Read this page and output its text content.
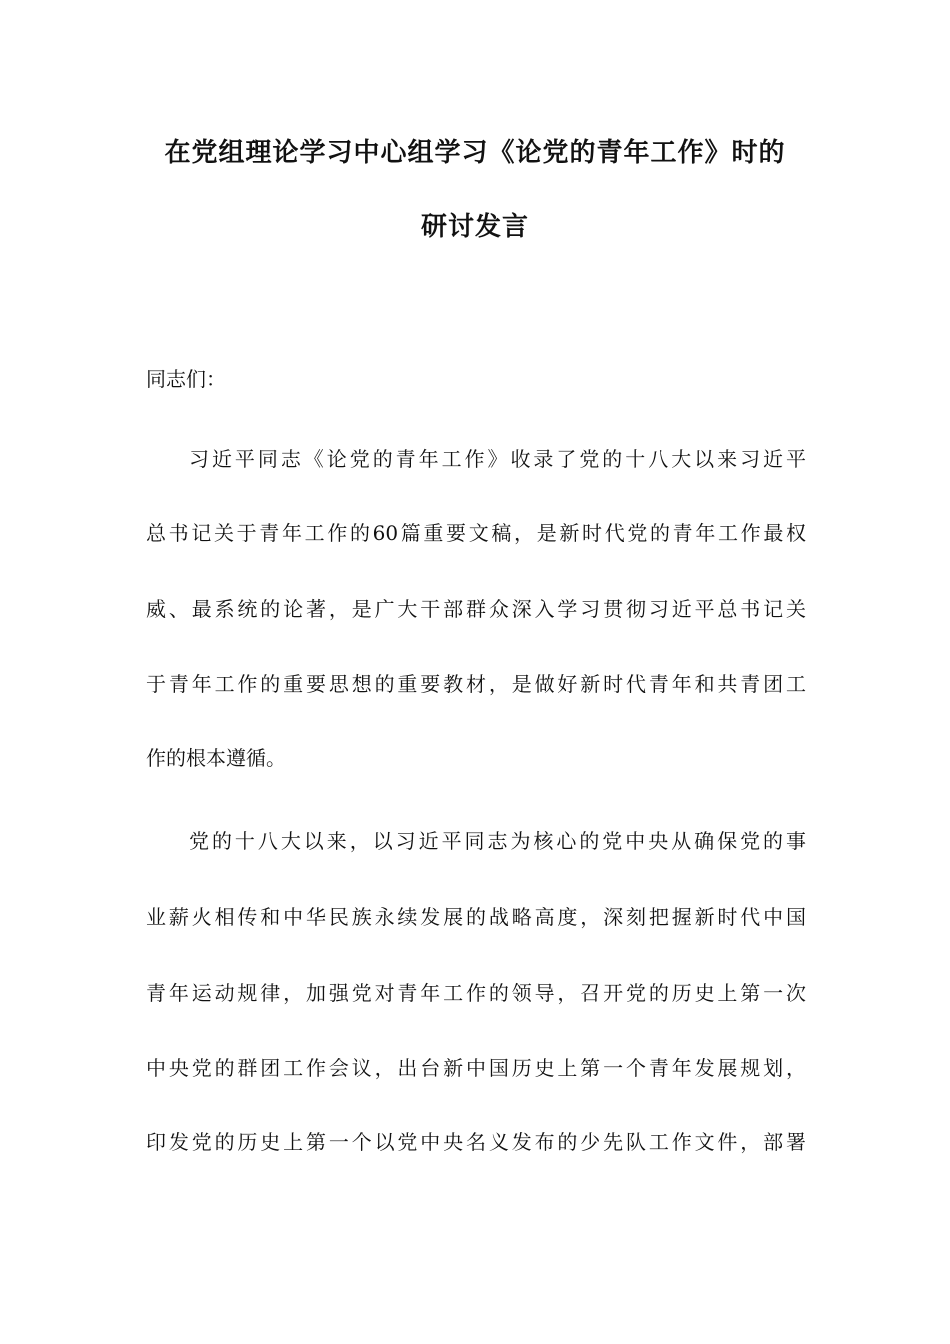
在党组理论学习中心组学习《论党的青年工作》时的
研讨发言
同志们：
习近平同志《论党的青年工作》收录了党的十八大以来习近平
总书记关于青年工作的60篇重要文稿，是新时代党的青年工作最权
威、最系统的论著，是广大干部群众深入学习贯彻习近平总书记关
于青年工作的重要思想的重要教材，是做好新时代青年和共青团工
作的根本遵循。
党的十八大以来，以习近平同志为核心的党中央从确保党的事
业薪火相传和中华民族永续发展的战略高度，深刻把握新时代中国
青年运动规律，加强党对青年工作的领导，召开党的历史上第一次
中央党的群团工作会议，出台新中国历史上第一个青年发展规划，
印发党的历史上第一个以党中央名义发布的少先队工作文件，部署
